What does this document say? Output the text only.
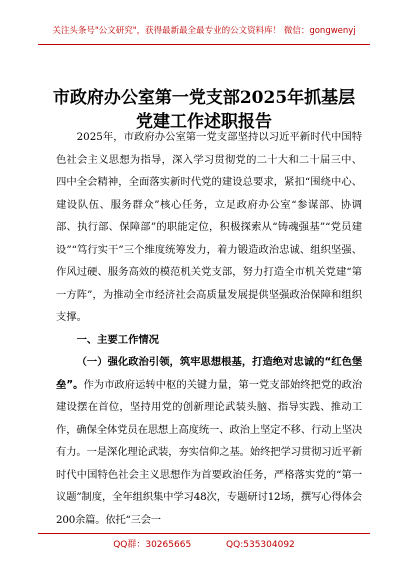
关注头条号"公文研究"，获得最新最全最专业的公文资料库！ 微信：gongwenyj
市政府办公室第一党支部2025年抓基层
党建工作述职报告

2025年，市政府办公室第一党支部坚持以习近平新时代中国特色社会主义思想为指导，深入学习贯彻党的二十大和二十届三中、四中全会精神，全面落实新时代党的建设总要求，紧扣“围绕中心、建设队伍、服务群众”核心任务，立足政府办公室“参谋部、协调部、执行部、保障部”的职能定位，积极探索从“铸魂强基”“党员建设”“笃行实干”三个维度统筹发力，着力锻造政治忠诚、组织坚强、作风过硬、服务高效的模范机关党支部，努力打造全市机关党建“第一方阵”，为推动全市经济社会高质量发展提供坚强政治保障和组织支撑。

一、主要工作情况

（一）强化政治引领，筑牢思想根基，打造绝对忠诚的“红色堡垒”。作为市政府运转中枢的关键力量，第一党支部始终把党的政治建设摆在首位，坚持用党的创新理论武装头脑、指导实践、推动工作，确保全体党员在思想上高度统一、政治上坚定不移、行动上坚决有力。一是深化理论武装，夯实信仰之基。始终把学习贯彻习近平新时代中国特色社会主义思想作为首要政治任务，严格落实党的“第一议题”制度，全年组织集中学习48次，专题研讨12场，撰写心得体会200余篇。依托“三会一

QQ群：30265665	QQ:535304092
